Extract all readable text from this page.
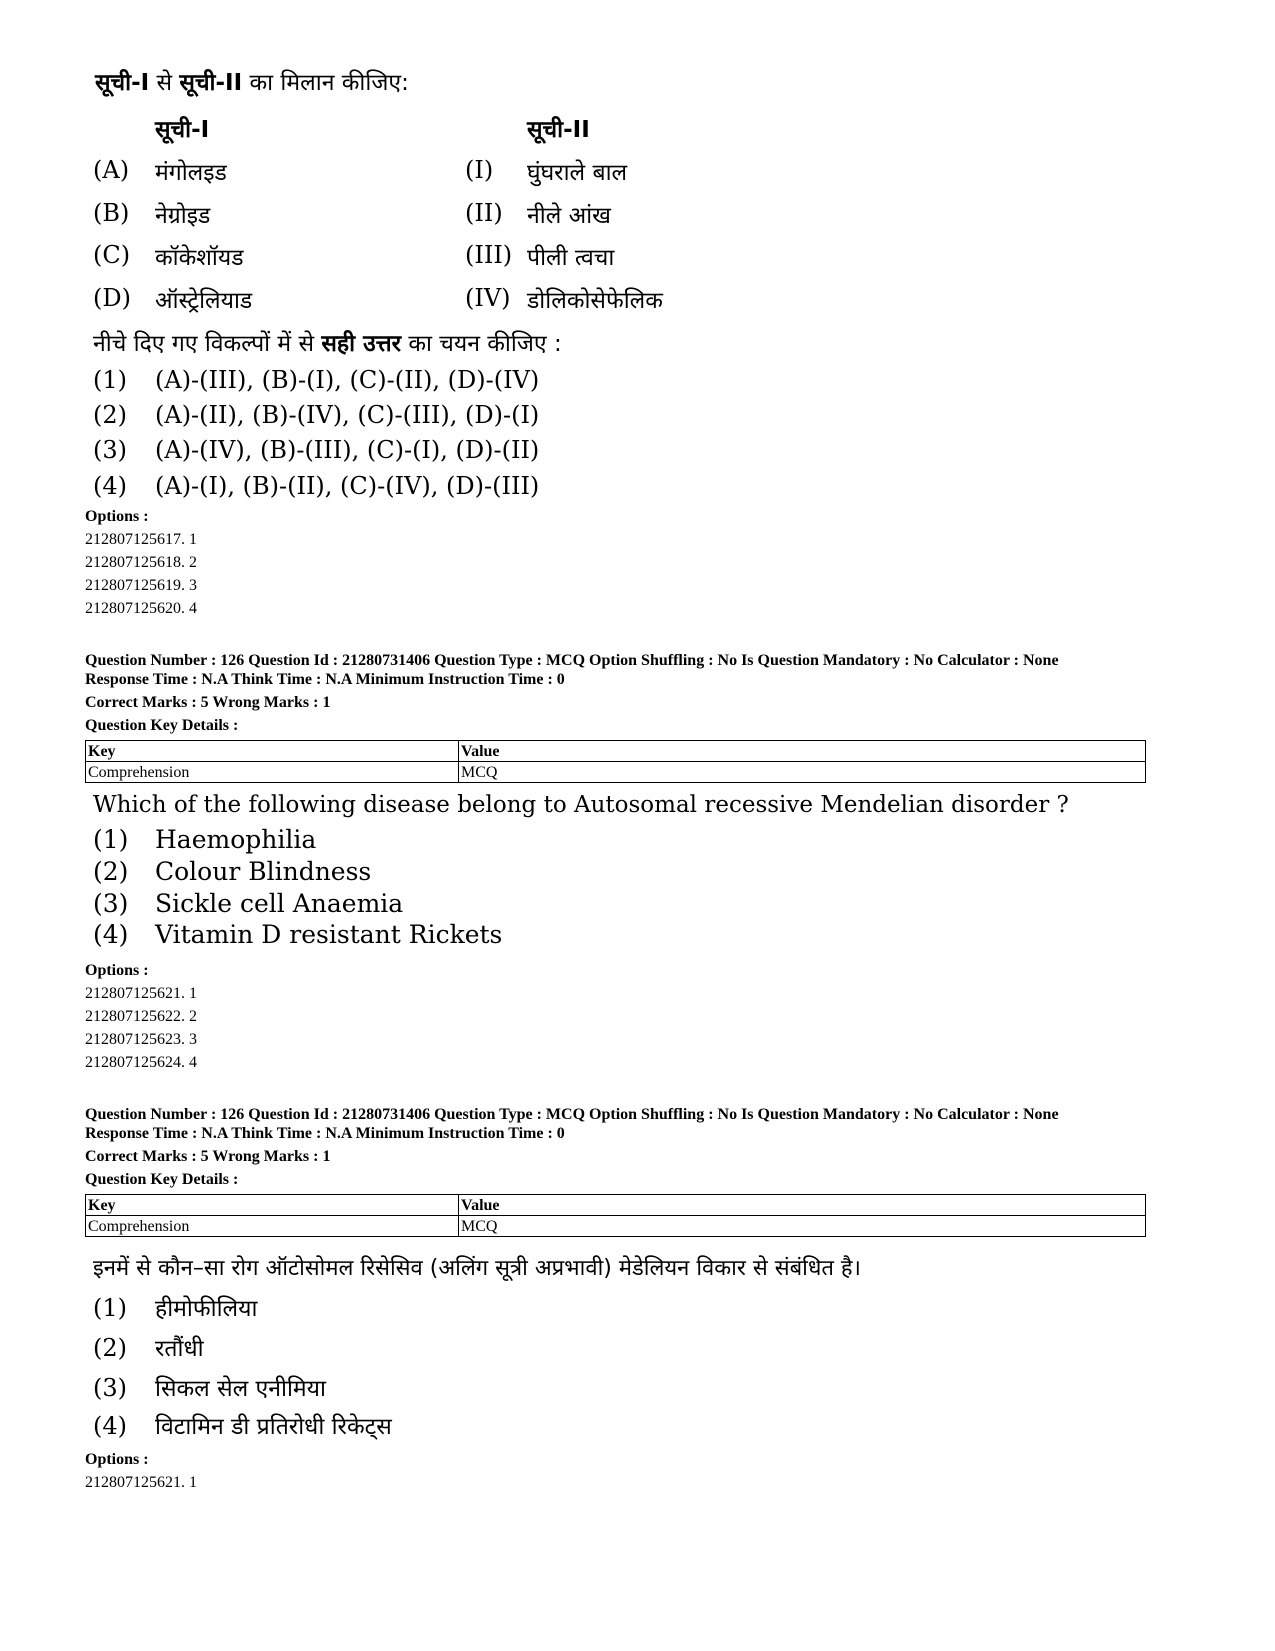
सूची-I से सूची-II का मिलान कीजिए:
सूची-I	सूची-II
(A) मंगोलइड	(I) घुंघराले बाल
(B) नेग्रोइड	(II) नीले आंख
(C) कॉकेशॉयड	(III) पीली त्वचा
(D) ऑस्ट्रेलियाड	(IV) डोलिकोसेफेलिक
नीचे दिए गए विकल्पों में से सही उत्तर का चयन कीजिए :
(1) (A)-(III), (B)-(I), (C)-(II), (D)-(IV)
(2) (A)-(II), (B)-(IV), (C)-(III), (D)-(I)
(3) (A)-(IV), (B)-(III), (C)-(I), (D)-(II)
(4) (A)-(I), (B)-(II), (C)-(IV), (D)-(III)
Options :
212807125617. 1
212807125618. 2
212807125619. 3
212807125620. 4
Question Number : 126 Question Id : 21280731406 Question Type : MCQ Option Shuffling : No Is Question Mandatory : No Calculator : None
Response Time : N.A Think Time : N.A Minimum Instruction Time : 0
Correct Marks : 5 Wrong Marks : 1
Question Key Details :
Key	Value
Comprehension	MCQ
Which of the following disease belong to Autosomal recessive Mendelian disorder ?
(1) Haemophilia
(2) Colour Blindness
(3) Sickle cell Anaemia
(4) Vitamin D resistant Rickets
Options :
212807125621. 1
212807125622. 2
212807125623. 3
212807125624. 4
Question Number : 126 Question Id : 21280731406 Question Type : MCQ Option Shuffling : No Is Question Mandatory : No Calculator : None
Response Time : N.A Think Time : N.A Minimum Instruction Time : 0
Correct Marks : 5 Wrong Marks : 1
Question Key Details :
Key	Value
Comprehension	MCQ
इनमें से कौन–सा रोग ऑटोसोमल रिसेसिव (अलिंग सूत्री अप्रभावी) मेडेलियन विकार से संबंधित है।
(1) हीमोफीलिया
(2) रतौंधी
(3) सिकल सेल एनीमिया
(4) विटामिन डी प्रतिरोधी रिकेट्स
Options :
212807125621. 1
